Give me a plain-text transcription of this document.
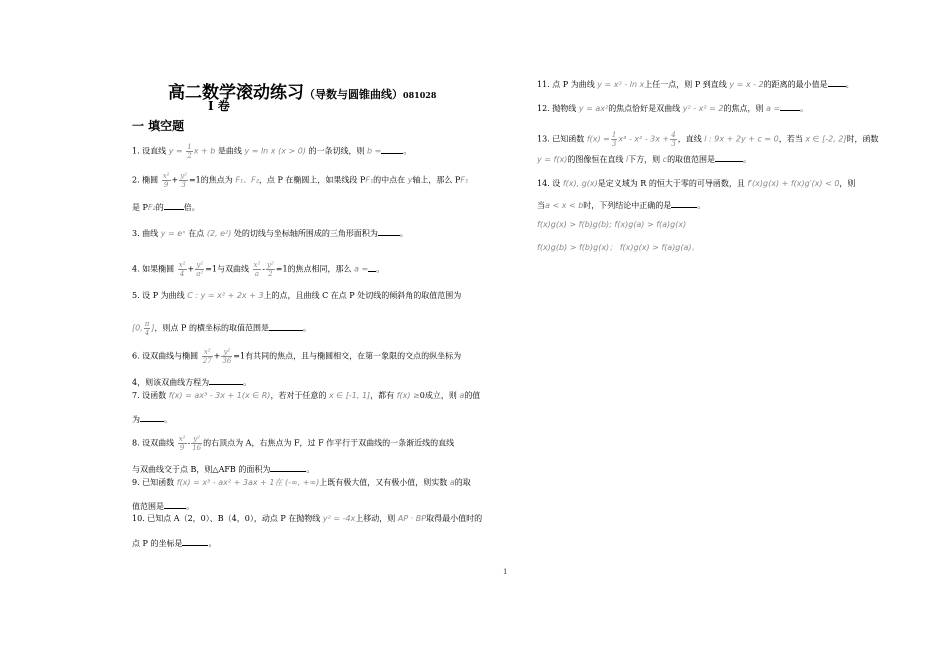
高二数学滚动练习（导数与圆锥曲线）081028
Ⅰ 卷
一 填空题
1. 设直线 $y = \frac{1}{2}$ x + b 是曲线 y = ln x (x > 0) 的一条切线，则 b =	。
2. 椭圆 $\frac{\text{x²}}{9} + \frac{\text{y²}}{3} =1$的焦点为 F₁、F₂，点 P 在椭圆上，如果线段 PF₁的中点在 y轴上，那么 PF₁
是 PF₂的	倍。
3. 曲线 y = eˣ 在点 (2, e²) 处的切线与坐标轴所围成的三角形面积为	。
4. 如果椭圆 $\frac{\text{x²}}{4} + \frac{\text{y²}}{\text{a²}} =1$与双曲线 $\frac{\text{x²}}{a} - \frac{\text{y²}}{2} =1$的焦点相同，那么 a = 。
5. 设 P 为曲线 C : y = x² + 2x + 3上的点，且曲线 C 在点 P 处切线的倾斜角的取值范围为
[0, $\frac{\pi}{4}$ ]，则点 P 的横坐标的取值范围是	。
6. 设双曲线与椭圆 $\frac{\text{x²}}{27} + \frac{\text{y²}}{36} =1$有共同的焦点，且与椭圆相交，在第一象限的交点的纵坐标为
4，则该双曲线方程为	。
7. 设函数 f(x) = ax³ - 3x + 1(x ∈ R)，若对于任意的 x ∈ [-1, 1]，都有 f(x) ≥0成立，则 a的值
为	。
8. 设双曲线 $\frac{\text{x²}}{9} - \frac{\text{y²}}{16}$ 的右顶点为 A，右焦点为 F，过 F 作平行于双曲线的一条渐近线的直线
与双曲线交于点 B，则△AFB 的面积为	。
9. 已知函数 f(x) = x³ - ax² + 3ax + 1在 (-∞, +∞)上既有极大值，又有极小值，则实数 a的取
值范围是	。
10. 已知点 A（2，0）、B（4，0），动点 P 在抛物线 y² = -4x上移动，则 AP · BP取得最小值时的
点 P 的坐标是	。
11. 点 P 为曲线 y = x² - ln x上任一点，则 P 到直线 y = x - 2的距离的最小值是 。
12. 抛物线 y = ax²的焦点恰好是双曲线 y² - x² = 2的焦点，则 a =	。
13. 已知函数 $f(x) = \frac{1}{3} x^3 - x^2 - 3x + \frac{4}{3}$ ，直线 l : 9x + 2y + c = 0，若当 x ∈ [-2, 2]时，函数
y = f(x)的图像恒在直线 l下方，则 c的取值范围是	。
14. 设 f(x), g(x)是定义域为 R 的恒大于零的可导函数，且 f′(x)g(x) + f(x)g′(x) < 0，则
当a < x < b时，下列结论中正确的是	。
f(x)g(x) > f(b)g(b); f(x)g(a) > f(a)g(x)
f(x)g(b) > f(b)g(x)； f(x)g(x) > f(a)g(a)。
1
